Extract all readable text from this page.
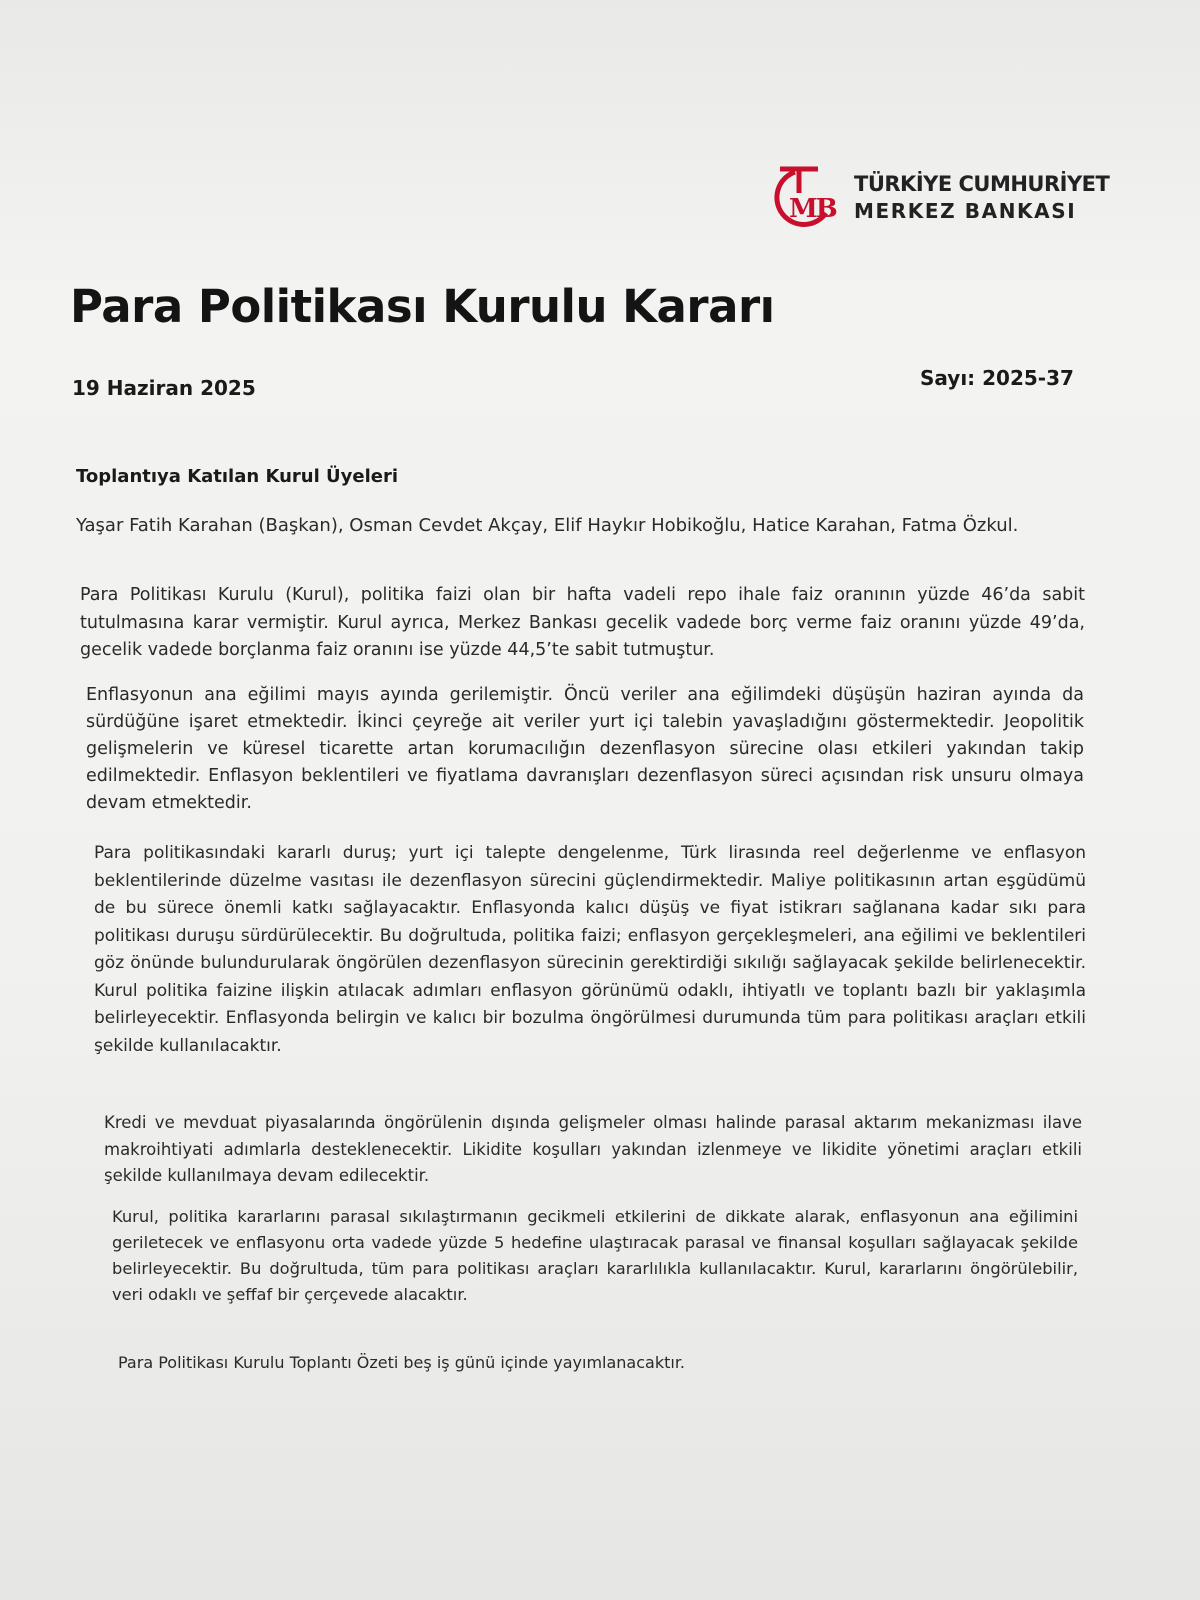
MB
TÜRKİYE CUMHURİYET
MERKEZ BANKASI
Para Politikası Kurulu Kararı
19 Haziran 2025	Sayı: 2025-37
Toplantıya Katılan Kurul Üyeleri

Yaşar Fatih Karahan (Başkan), Osman Cevdet Akçay, Elif Haykır Hobikoğlu, Hatice Karahan, Fatma Özkul.

Para Politikası Kurulu (Kurul), politika faizi olan bir hafta vadeli repo ihale faiz oranının yüzde 46’da sabit tutulmasına karar vermiştir. Kurul ayrıca, Merkez Bankası gecelik vadede borç verme faiz oranını yüzde 49’da, gecelik vadede borçlanma faiz oranını ise yüzde 44,5’te sabit tutmuştur.

Enflasyonun ana eğilimi mayıs ayında gerilemiştir. Öncü veriler ana eğilimdeki düşüşün haziran ayında da sürdüğüne işaret etmektedir. İkinci çeyreğe ait veriler yurt içi talebin yavaşladığını göstermektedir. Jeopolitik gelişmelerin ve küresel ticarette artan korumacılığın dezenflasyon sürecine olası etkileri yakından takip edilmektedir. Enflasyon beklentileri ve fiyatlama davranışları dezenflasyon süreci açısından risk unsuru olmaya devam etmektedir.

Para politikasındaki kararlı duruş; yurt içi talepte dengelenme, Türk lirasında reel değerlenme ve enflasyon beklentilerinde düzelme vasıtası ile dezenflasyon sürecini güçlendirmektedir. Maliye politikasının artan eşgüdümü de bu sürece önemli katkı sağlayacaktır. Enflasyonda kalıcı düşüş ve fiyat istikrarı sağlanana kadar sıkı para politikası duruşu sürdürülecektir. Bu doğrultuda, politika faizi; enflasyon gerçekleşmeleri, ana eğilimi ve beklentileri göz önünde bulundurularak öngörülen dezenflasyon sürecinin gerektirdiği sıkılığı sağlayacak şekilde belirlenecektir. Kurul politika faizine ilişkin atılacak adımları enflasyon görünümü odaklı, ihtiyatlı ve toplantı bazlı bir yaklaşımla belirleyecektir. Enflasyonda belirgin ve kalıcı bir bozulma öngörülmesi durumunda tüm para politikası araçları etkili şekilde kullanılacaktır.

Kredi ve mevduat piyasalarında öngörülenin dışında gelişmeler olması halinde parasal aktarım mekanizması ilave makroihtiyati adımlarla desteklenecektir. Likidite koşulları yakından izlenmeye ve likidite yönetimi araçları etkili şekilde kullanılmaya devam edilecektir.

Kurul, politika kararlarını parasal sıkılaştırmanın gecikmeli etkilerini de dikkate alarak, enflasyonun ana eğilimini geriletecek ve enflasyonu orta vadede yüzde 5 hedefine ulaştıracak parasal ve finansal koşulları sağlayacak şekilde belirleyecektir. Bu doğrultuda, tüm para politikası araçları kararlılıkla kullanılacaktır. Kurul, kararlarını öngörülebilir, veri odaklı ve şeffaf bir çerçevede alacaktır.

Para Politikası Kurulu Toplantı Özeti beş iş günü içinde yayımlanacaktır.
